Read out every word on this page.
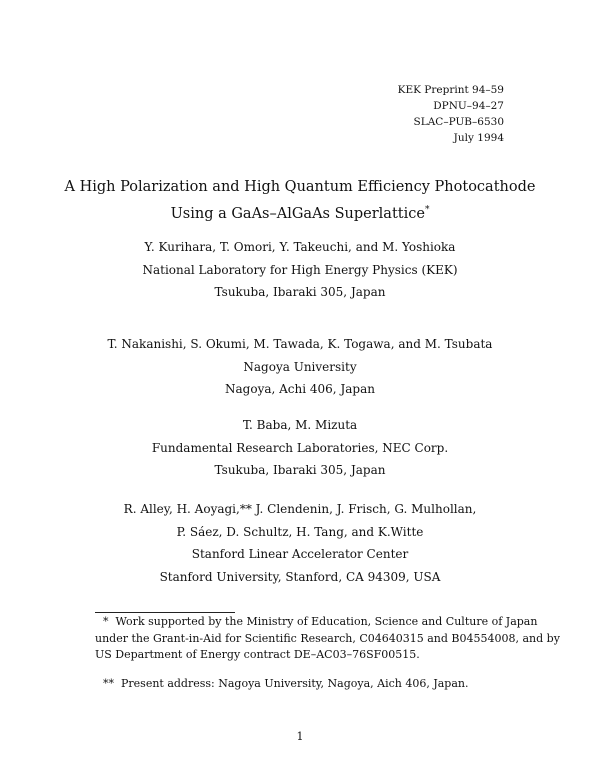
KEK Preprint 94–59
DPNU–94–27
SLAC–PUB–6530
July 1994
A High Polarization and High Quantum Efficiency Photocathode
Using a GaAs–AlGaAs Superlattice*
Y. Kurihara, T. Omori, Y. Takeuchi, and M. Yoshioka
National Laboratory for High Energy Physics (KEK)
Tsukuba, Ibaraki 305, Japan
T. Nakanishi, S. Okumi, M. Tawada, K. Togawa, and M. Tsubata
Nagoya University
Nagoya, Achi 406, Japan
T. Baba, M. Mizuta
Fundamental Research Laboratories, NEC Corp.
Tsukuba, Ibaraki 305, Japan
R. Alley, H. Aoyagi,** J. Clendenin, J. Frisch, G. Mulhollan,
P. Sáez, D. Schultz, H. Tang, and K.Witte
Stanford Linear Accelerator Center
Stanford University, Stanford, CA 94309, USA
* Work supported by the Ministry of Education, Science and Culture of Japan
under the Grant-in-Aid for Scientific Research, C04640315 and B04554008, and by
US Department of Energy contract DE–AC03–76SF00515.
** Present address: Nagoya University, Nagoya, Aich 406, Japan.
1
